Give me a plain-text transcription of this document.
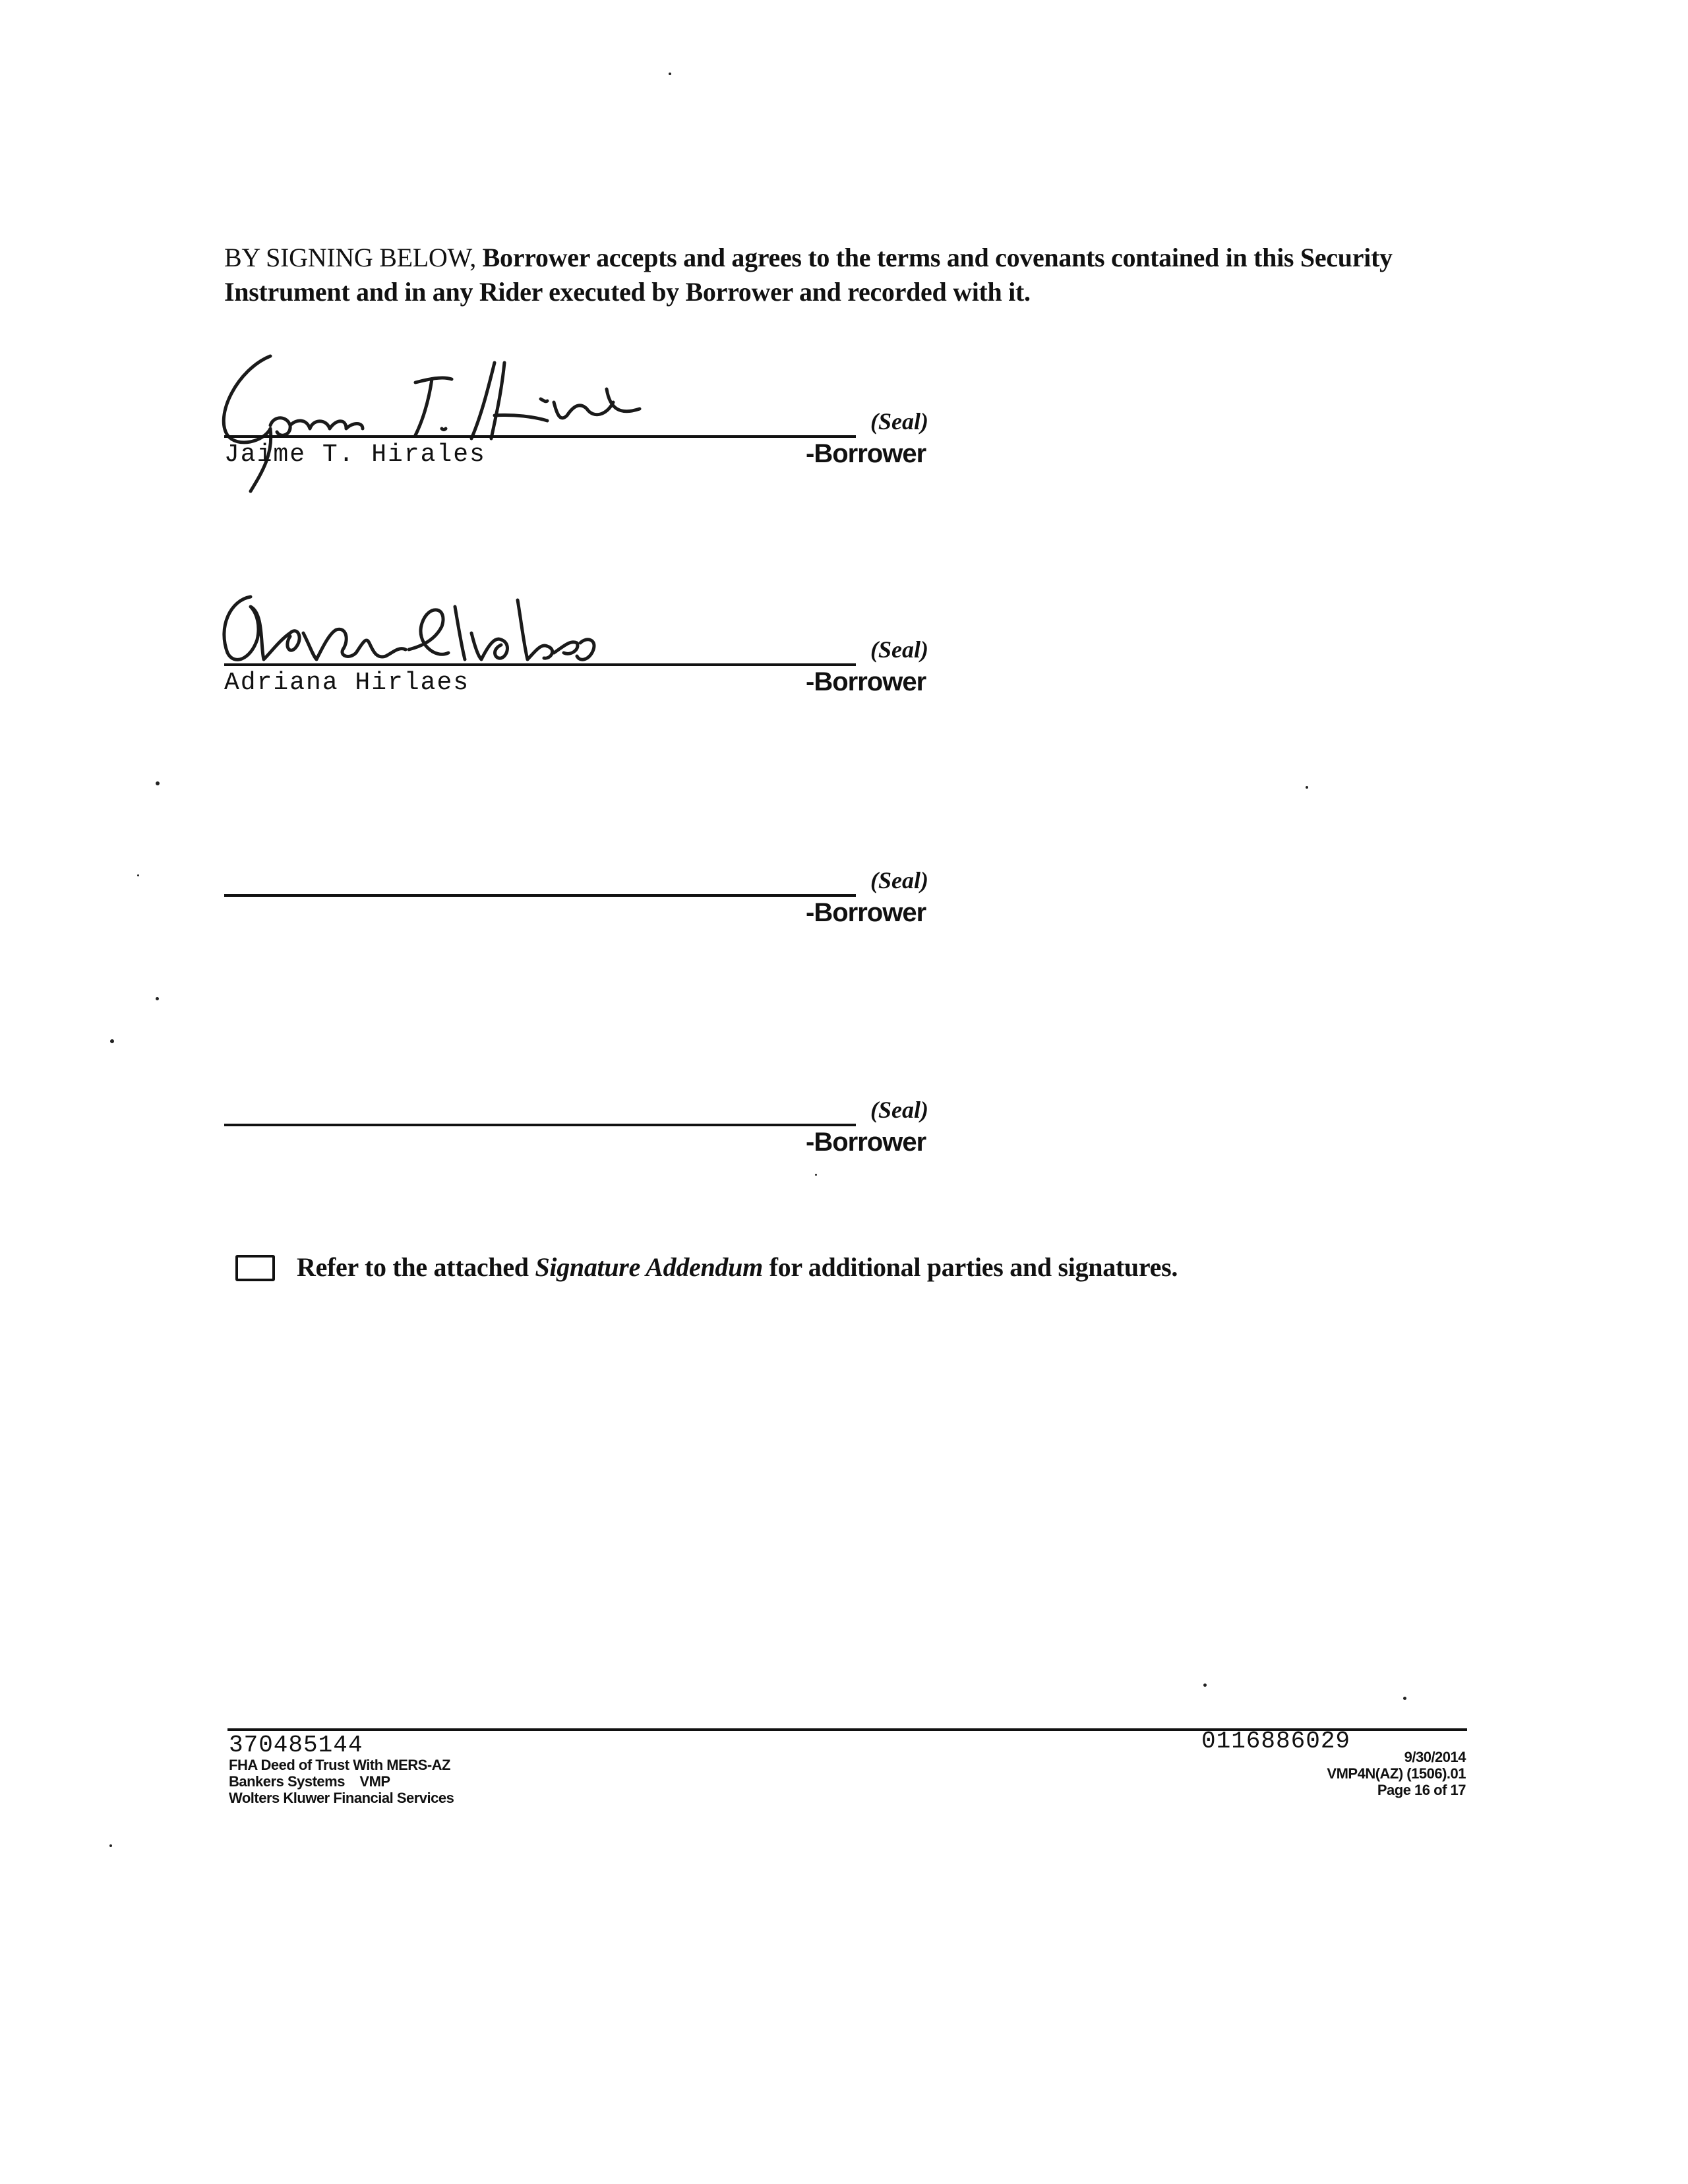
BY SIGNING BELOW, Borrower accepts and agrees to the terms and covenants contained in this Security Instrument and in any Rider executed by Borrower and recorded with it.
(Seal)
Jaime T. Hirales	-Borrower
(Seal)
Adriana Hirlaes	-Borrower
(Seal)
-Borrower
(Seal)
-Borrower
Refer to the attached Signature Addendum for additional parties and signatures.
370485144
FHA Deed of Trust With MERS-AZ
Bankers Systems    VMP
Wolters Kluwer Financial Services
0116886029
9/30/2014
VMP4N(AZ) (1506).01
Page 16 of 17
